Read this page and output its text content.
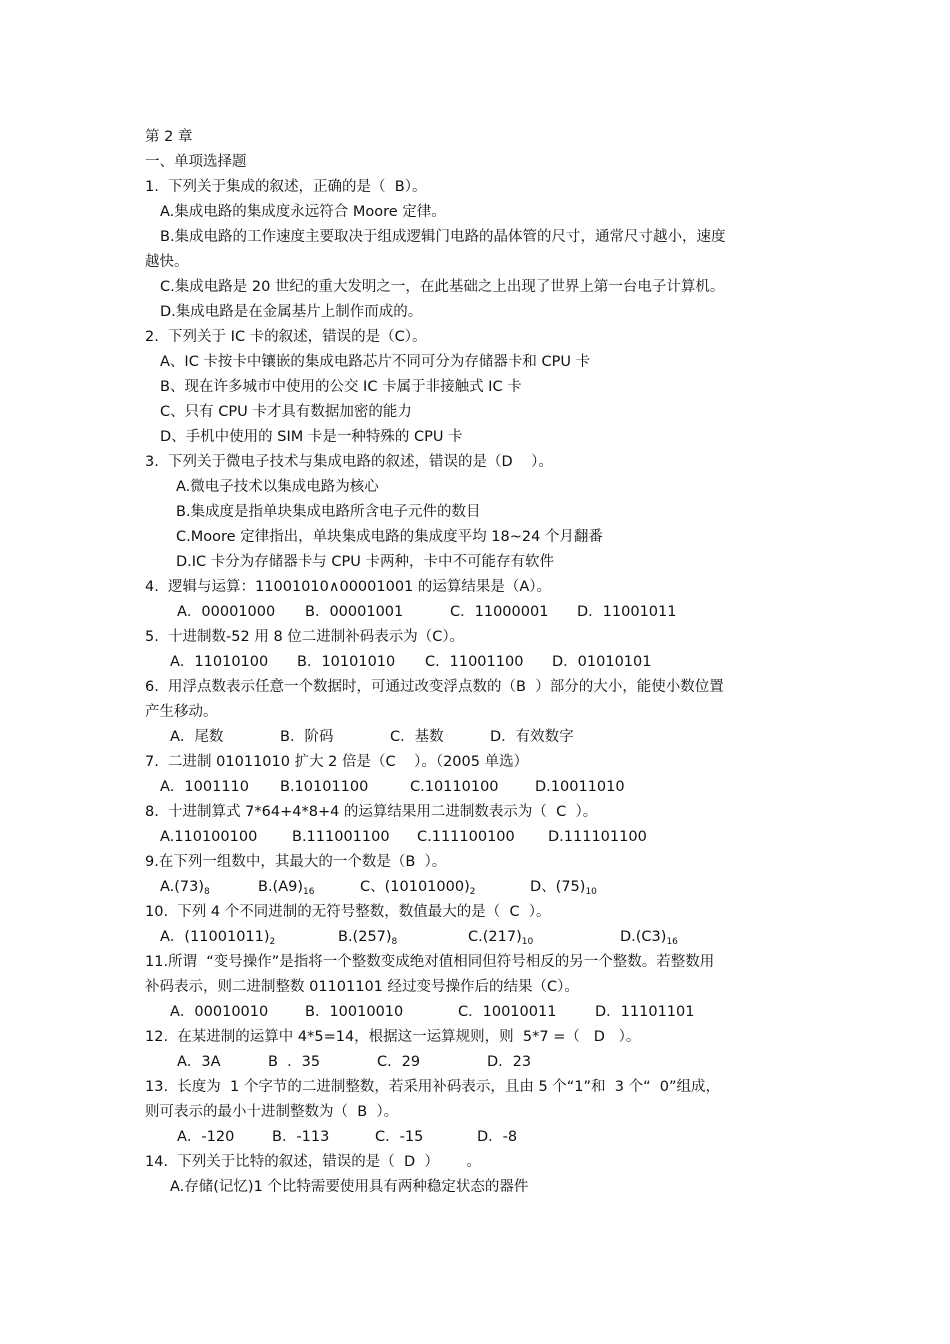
第 2 章
一、单项选择题
1.  下列关于集成的叙述，正确的是（  B）。
A.集成电路的集成度永远符合 Moore 定律。
B.集成电路的工作速度主要取决于组成逻辑门电路的晶体管的尺寸，通常尺寸越小，速度
越快。
C.集成电路是 20 世纪的重大发明之一，在此基础之上出现了世界上第一台电子计算机。
D.集成电路是在金属基片上制作而成的。
2.  下列关于 IC 卡的叙述，错误的是（C）。
A、IC 卡按卡中镶嵌的集成电路芯片不同可分为存储器卡和 CPU 卡
B、现在许多城市中使用的公交 IC 卡属于非接触式 IC 卡
C、只有 CPU 卡才具有数据加密的能力
D、手机中使用的 SIM 卡是一种特殊的 CPU 卡
3.  下列关于微电子技术与集成电路的叙述，错误的是（D    ）。
A.微电子技术以集成电路为核心
B.集成度是指单块集成电路所含电子元件的数目
C.Moore 定律指出，单块集成电路的集成度平均 18~24 个月翻番
D.IC 卡分为存储器卡与 CPU 卡两种，卡中不可能存有软件
4.  逻辑与运算：11001010∧00001001 的运算结果是（A）。
A．00001000 B．00001001	C．11000001 D．11001011
5.  十进制数-52 用 8 位二进制补码表示为（C）。
A．11010100 B．10101010 C．11001100 D．01010101
6.  用浮点数表示任意一个数据时，可通过改变浮点数的（B  ）部分的大小，能使小数位置
产生移动。
A．尾数	B．阶码	C．基数	D．有效数字
7.  二进制 01011010 扩大 2 倍是（C    ）。（2005 单选）
A．1001110 B.10101100	C.10110100	D.10011010
8.  十进制算式 7*64+4*8+4 的运算结果用二进制数表示为（  C  ）。
A.110100100 B.111001100 C.111100100 D.111101100
9.在下列一组数中，其最大的一个数是（B  ）。
$A.(73)_8$	$B.(A9)_{16}$	C、$(10101000)_2$	D、$(75)_{10}$
10.  下列 4 个不同进制的无符号整数，数值最大的是（  C  ）。
A．$(11001011)_2$	$B.(257)_8$	$C.(217)_{10}$	$D.(C3)_{16}$
11.所谓  “变号操作”是指将一个整数变成绝对值相同但符号相反的另一个整数。若整数用
补码表示，则二进制整数 01101101 经过变号操作后的结果（C）。
A．00010010	B．10010010	C．10010011	D．11101101
12.  在某进制的运算中 4*5=14，根据这一运算规则，则  5*7 =（   D   ）。
A．3A	B  ．35	C．29	D．23
13.  长度为  1 个字节的二进制整数，若采用补码表示，且由 5 个“1”和  3 个“  0”组成，
则可表示的最小十进制整数为（  B  ）。
A．-120	B．-113	C．-15	D．-8
14.  下列关于比特的叙述，错误的是（  D  ）      。
A.存储(记忆)1 个比特需要使用具有两种稳定状态的器件
